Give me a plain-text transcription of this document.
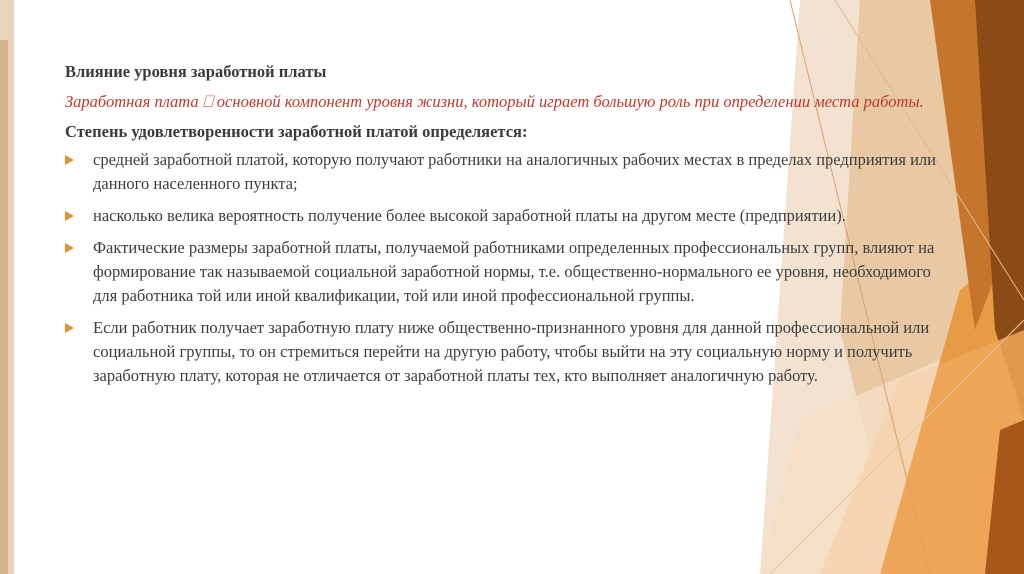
Влияние уровня заработной платы
Заработная плата ⎕ основной компонент уровня жизни, который играет большую роль при определении места работы.
Степень удовлетворенности заработной платой определяется:
средней заработной платой, которую получают работники на аналогичных рабочих местах в пределах предприятия или данного населенного пункта;
насколько велика вероятность получение более высокой заработной платы на другом месте (предприятии).
Фактические размеры заработной платы, получаемой работниками определенных профессиональных групп, влияют на формирование так называемой социальной заработной нормы, т.е. общественно-нормального ее уровня, необходимого для работника той или иной квалификации, той или иной профессиональной группы.
Если работник получает заработную плату ниже общественно-признанного уровня для данной профессиональной или социальной группы, то он стремиться перейти на другую работу, чтобы выйти на эту социальную норму и получить заработную плату, которая не отличается от заработной платы тех, кто выполняет аналогичную работу.
